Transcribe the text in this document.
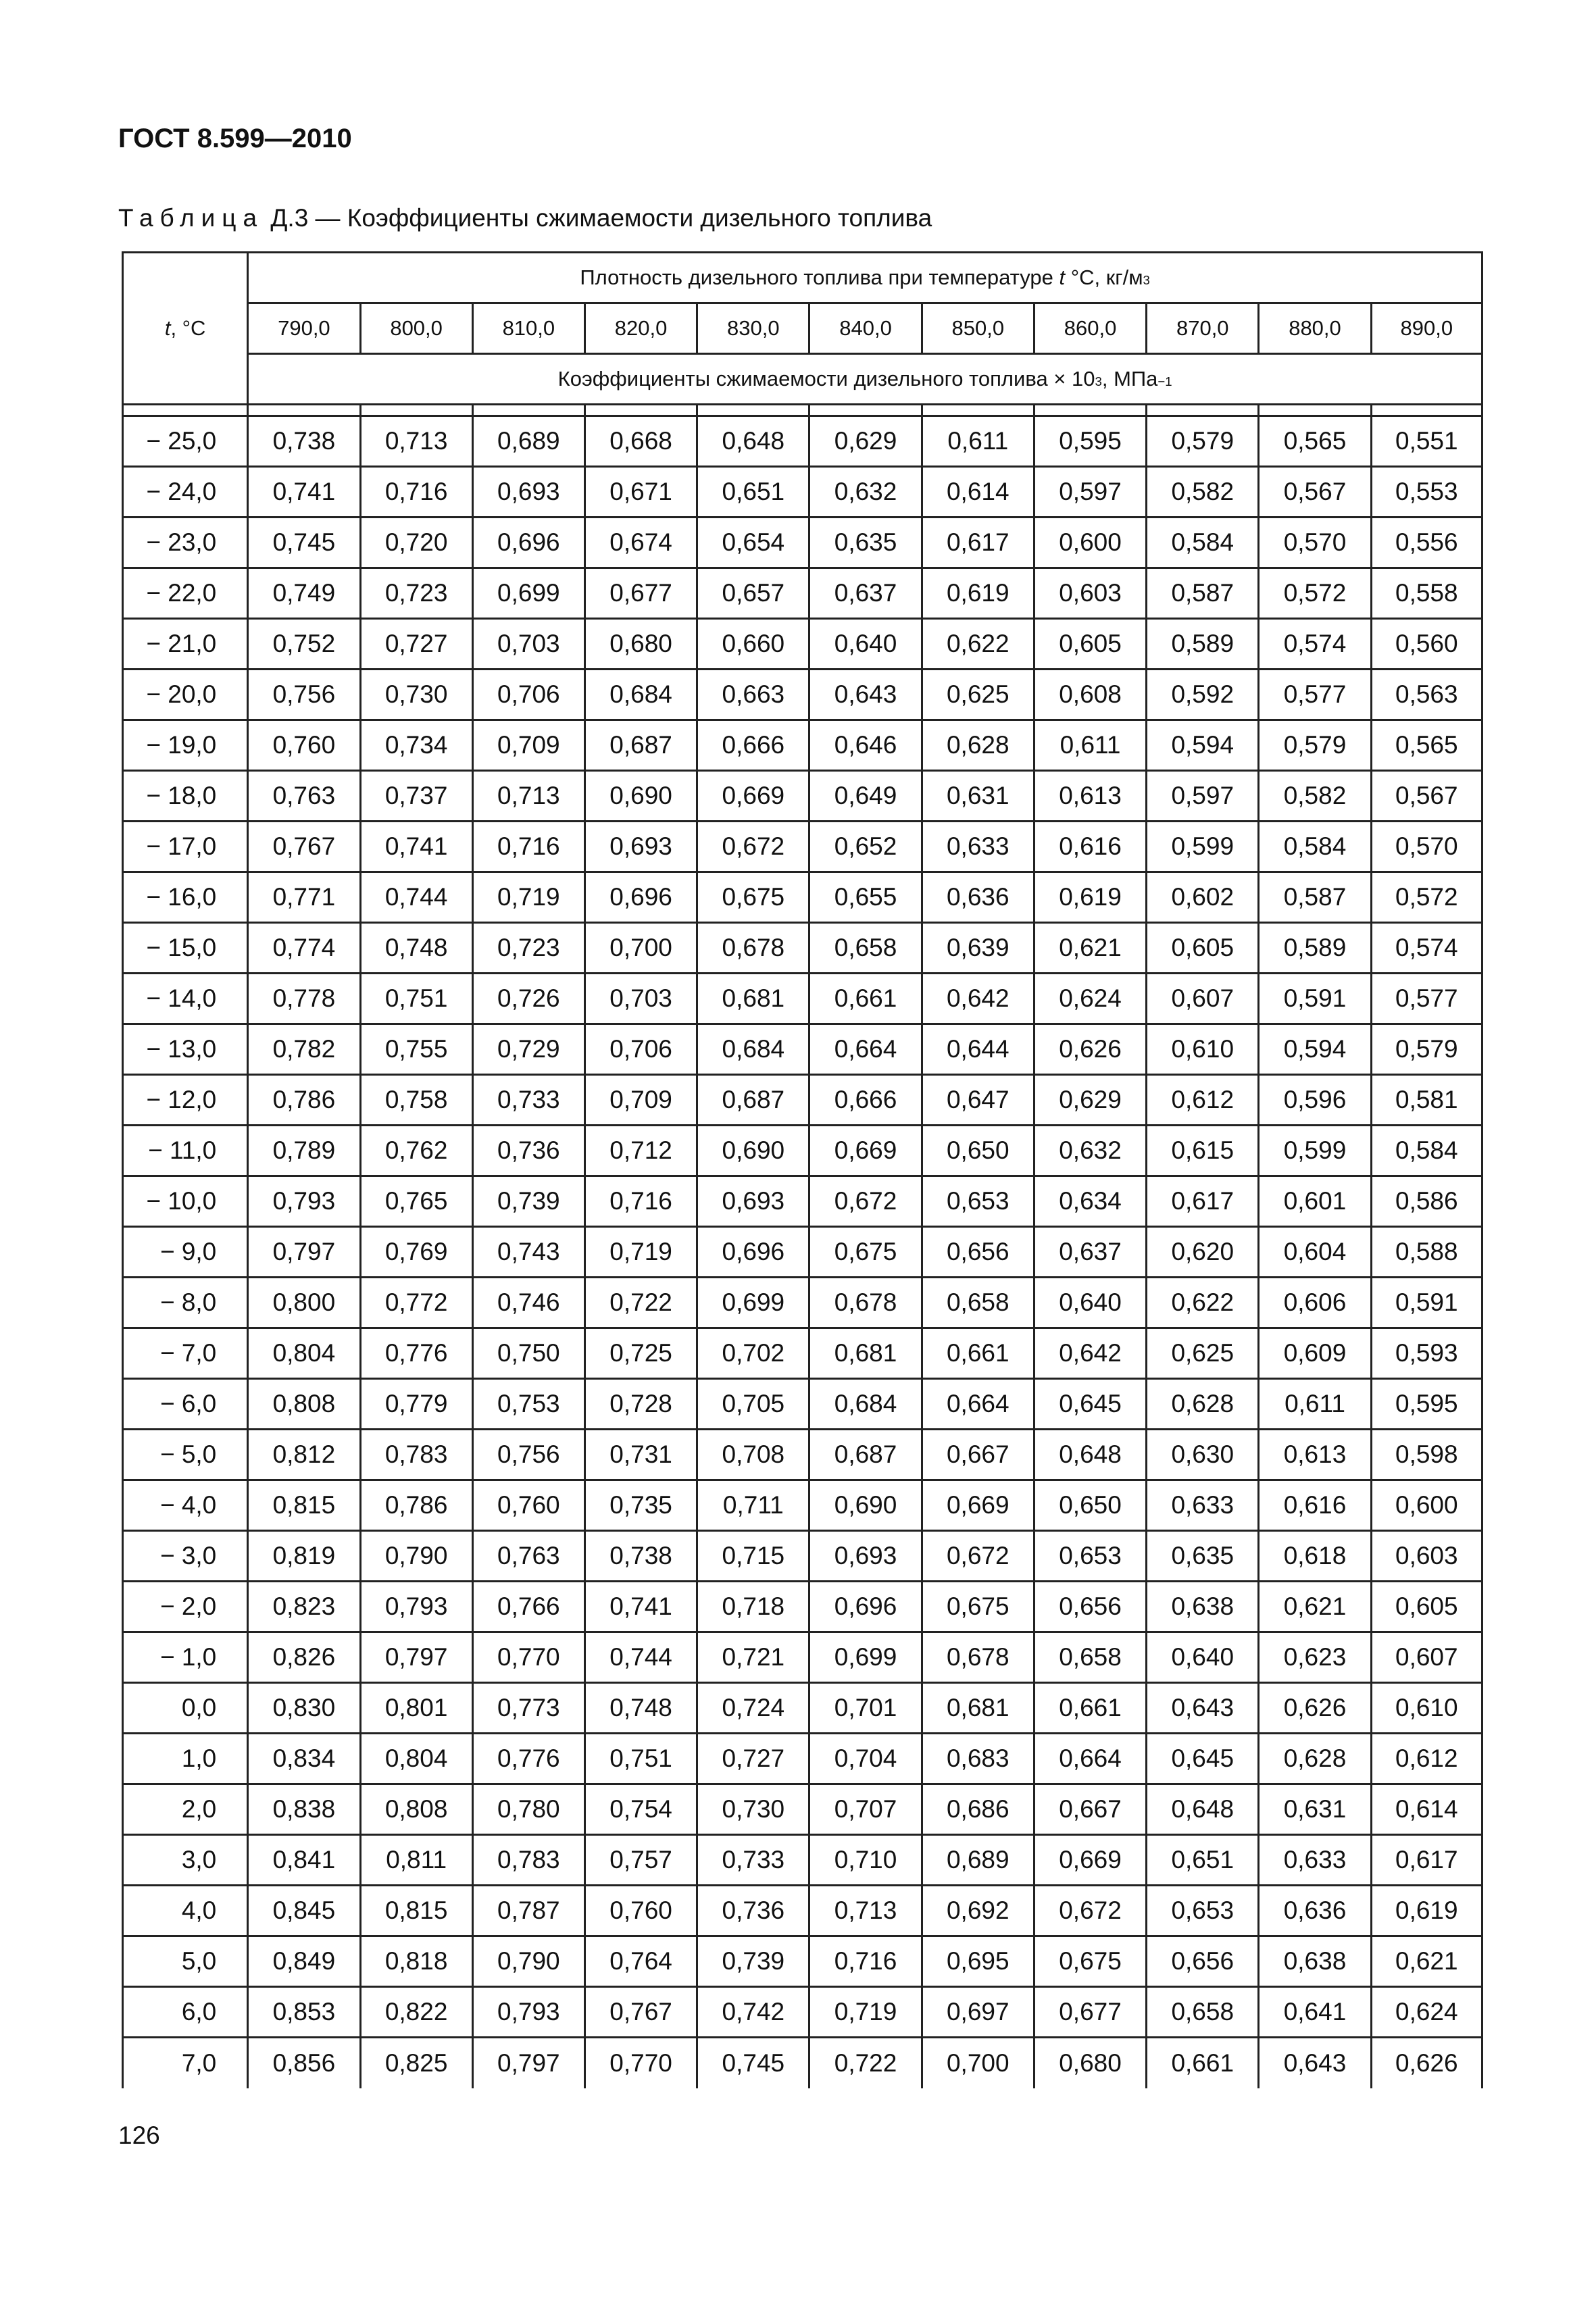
ГОСТ 8.599—2010
Таблица Д.3 — Коэффициенты сжимаемости дизельного топлива
t, °C	Плотность дизельного топлива при температуре t °C, $кг/м^3$
	790,0	800,0	810,0	820,0	830,0	840,0	850,0	860,0	870,0	880,0	890,0
	Коэффициенты сжимаемости дизельного топлива × $10^3$, МПа$^{-1}$

− 25,0	0,738	0,713	0,689	0,668	0,648	0,629	0,611	0,595	0,579	0,565	0,551
− 24,0	0,741	0,716	0,693	0,671	0,651	0,632	0,614	0,597	0,582	0,567	0,553
− 23,0	0,745	0,720	0,696	0,674	0,654	0,635	0,617	0,600	0,584	0,570	0,556
− 22,0	0,749	0,723	0,699	0,677	0,657	0,637	0,619	0,603	0,587	0,572	0,558
− 21,0	0,752	0,727	0,703	0,680	0,660	0,640	0,622	0,605	0,589	0,574	0,560
− 20,0	0,756	0,730	0,706	0,684	0,663	0,643	0,625	0,608	0,592	0,577	0,563
− 19,0	0,760	0,734	0,709	0,687	0,666	0,646	0,628	0,611	0,594	0,579	0,565
− 18,0	0,763	0,737	0,713	0,690	0,669	0,649	0,631	0,613	0,597	0,582	0,567
− 17,0	0,767	0,741	0,716	0,693	0,672	0,652	0,633	0,616	0,599	0,584	0,570
− 16,0	0,771	0,744	0,719	0,696	0,675	0,655	0,636	0,619	0,602	0,587	0,572
− 15,0	0,774	0,748	0,723	0,700	0,678	0,658	0,639	0,621	0,605	0,589	0,574
− 14,0	0,778	0,751	0,726	0,703	0,681	0,661	0,642	0,624	0,607	0,591	0,577
− 13,0	0,782	0,755	0,729	0,706	0,684	0,664	0,644	0,626	0,610	0,594	0,579
− 12,0	0,786	0,758	0,733	0,709	0,687	0,666	0,647	0,629	0,612	0,596	0,581
− 11,0	0,789	0,762	0,736	0,712	0,690	0,669	0,650	0,632	0,615	0,599	0,584
− 10,0	0,793	0,765	0,739	0,716	0,693	0,672	0,653	0,634	0,617	0,601	0,586
− 9,0	0,797	0,769	0,743	0,719	0,696	0,675	0,656	0,637	0,620	0,604	0,588
− 8,0	0,800	0,772	0,746	0,722	0,699	0,678	0,658	0,640	0,622	0,606	0,591
− 7,0	0,804	0,776	0,750	0,725	0,702	0,681	0,661	0,642	0,625	0,609	0,593
− 6,0	0,808	0,779	0,753	0,728	0,705	0,684	0,664	0,645	0,628	0,611	0,595
− 5,0	0,812	0,783	0,756	0,731	0,708	0,687	0,667	0,648	0,630	0,613	0,598
− 4,0	0,815	0,786	0,760	0,735	0,711	0,690	0,669	0,650	0,633	0,616	0,600
− 3,0	0,819	0,790	0,763	0,738	0,715	0,693	0,672	0,653	0,635	0,618	0,603
− 2,0	0,823	0,793	0,766	0,741	0,718	0,696	0,675	0,656	0,638	0,621	0,605
− 1,0	0,826	0,797	0,770	0,744	0,721	0,699	0,678	0,658	0,640	0,623	0,607
0,0	0,830	0,801	0,773	0,748	0,724	0,701	0,681	0,661	0,643	0,626	0,610
1,0	0,834	0,804	0,776	0,751	0,727	0,704	0,683	0,664	0,645	0,628	0,612
2,0	0,838	0,808	0,780	0,754	0,730	0,707	0,686	0,667	0,648	0,631	0,614
3,0	0,841	0,811	0,783	0,757	0,733	0,710	0,689	0,669	0,651	0,633	0,617
4,0	0,845	0,815	0,787	0,760	0,736	0,713	0,692	0,672	0,653	0,636	0,619
5,0	0,849	0,818	0,790	0,764	0,739	0,716	0,695	0,675	0,656	0,638	0,621
6,0	0,853	0,822	0,793	0,767	0,742	0,719	0,697	0,677	0,658	0,641	0,624
7,0	0,856	0,825	0,797	0,770	0,745	0,722	0,700	0,680	0,661	0,643	0,626
126
